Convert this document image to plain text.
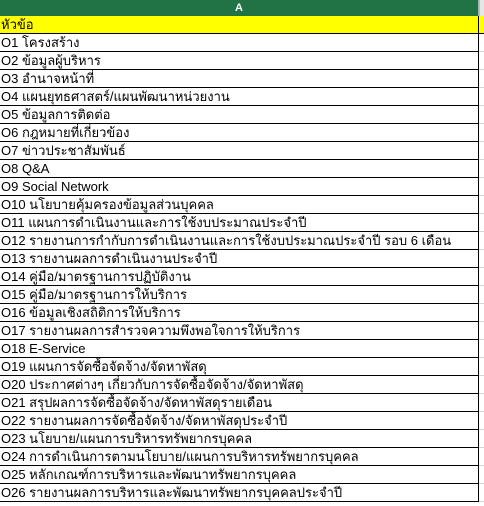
A
หัวข้อ
O1 โครงสร้าง
O2 ข้อมูลผู้บริหาร
O3 อำนาจหน้าที่
O4 แผนยุทธศาสตร์/แผนพัฒนาหน่วยงาน
O5 ข้อมูลการติดต่อ
O6 กฎหมายที่เกี่ยวข้อง
O7 ข่าวประชาสัมพันธ์
O8 Q&A
O9 Social Network
O10 นโยบายคุ้มครองข้อมูลส่วนบุคคล
O11 แผนการดำเนินงานและการใช้งบประมาณประจำปี
O12 รายงานการกำกับการดำเนินงานและการใช้งบประมาณประจำปี รอบ 6 เดือน
O13 รายงานผลการดำเนินงานประจำปี
O14 คู่มือ/มาตรฐานการปฏิบัติงาน
O15 คู่มือ/มาตรฐานการให้บริการ
O16 ข้อมูลเชิงสถิติการให้บริการ
O17 รายงานผลการสำรวจความพึงพอใจการให้บริการ
O18 E-Service
O19 แผนการจัดซื้อจัดจ้าง/จัดหาพัสดุ
O20 ประกาศต่างๆ เกี่ยวกับการจัดซื้อจัดจ้าง/จัดหาพัสดุ
O21 สรุปผลการจัดซื้อจัดจ้าง/จัดหาพัสดุรายเดือน
O22 รายงานผลการจัดซื้อจัดจ้าง/จัดหาพัสดุประจำปี
O23 นโยบาย/แผนการบริหารทรัพยากรบุคคล
O24 การดำเนินการตามนโยบาย/แผนการบริหารทรัพยากรบุคคล
O25 หลักเกณฑ์การบริหารและพัฒนาทรัพยากรบุคคล
O26 รายงานผลการบริหารและพัฒนาทรัพยากรบุคคลประจำปี
